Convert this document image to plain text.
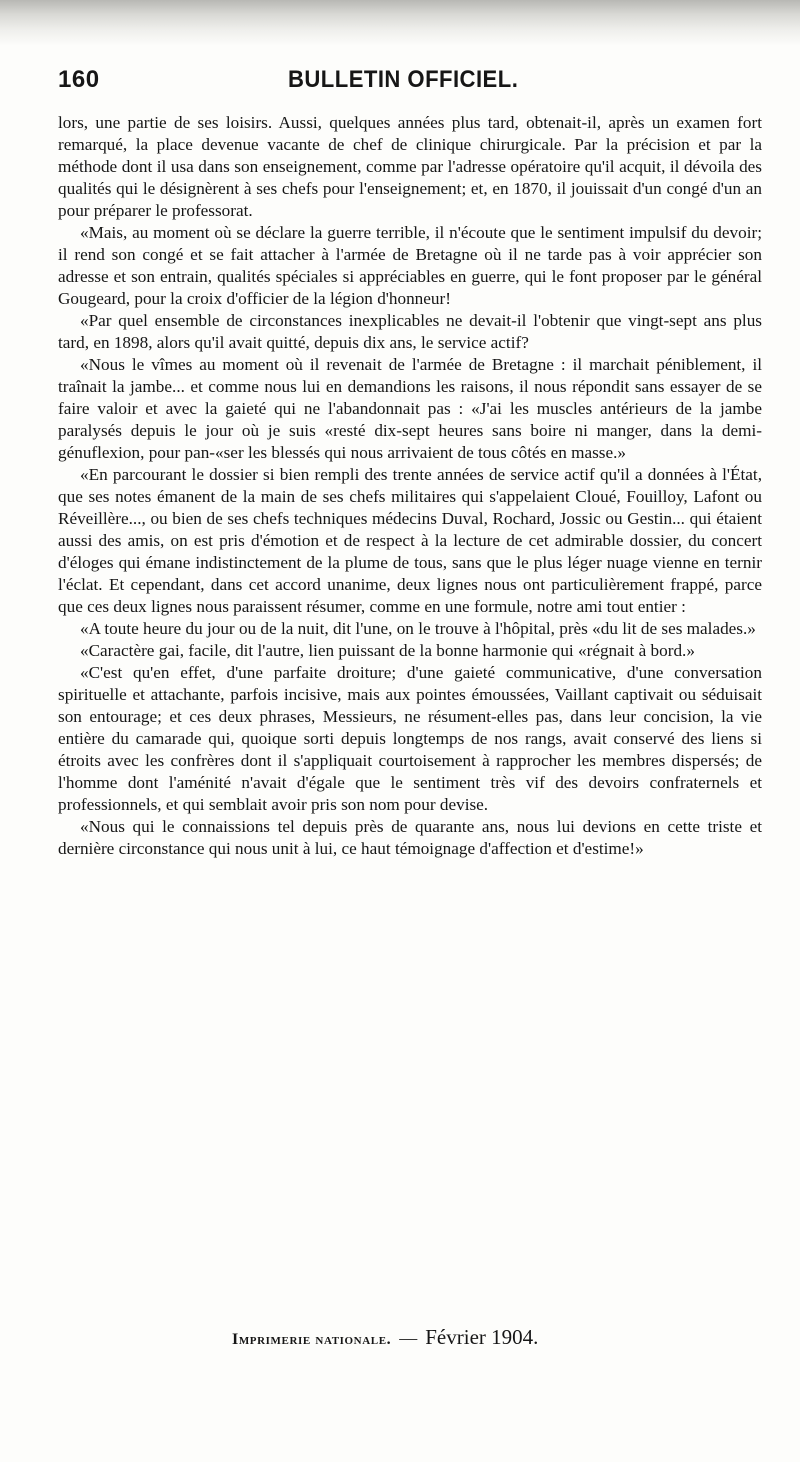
160	BULLETIN OFFICIEL.

lors, une partie de ses loisirs. Aussi, quelques années plus tard, obtenait-il, après un examen fort remarqué, la place devenue vacante de chef de clinique chirurgicale. Par la précision et par la méthode dont il usa dans son enseignement, comme par l'adresse opératoire qu'il acquit, il dévoila des qualités qui le désignèrent à ses chefs pour l'enseignement; et, en 1870, il jouissait d'un congé d'un an pour préparer le professorat.

«Mais, au moment où se déclare la guerre terrible, il n'écoute que le sentiment impulsif du devoir; il rend son congé et se fait attacher à l'armée de Bretagne où il ne tarde pas à voir apprécier son adresse et son entrain, qualités spéciales si appréciables en guerre, qui le font proposer par le général Gougeard, pour la croix d'officier de la légion d'honneur!

«Par quel ensemble de circonstances inexplicables ne devait-il l'obtenir que vingt-sept ans plus tard, en 1898, alors qu'il avait quitté, depuis dix ans, le service actif?

«Nous le vîmes au moment où il revenait de l'armée de Bretagne : il marchait péniblement, il traînait la jambe... et comme nous lui en demandions les raisons, il nous répondit sans essayer de se faire valoir et avec la gaieté qui ne l'abandonnait pas : «J'ai les muscles antérieurs de la jambe paralysés depuis le jour où je suis «resté dix-sept heures sans boire ni manger, dans la demi-génuflexion, pour pan-«ser les blessés qui nous arrivaient de tous côtés en masse.»

«En parcourant le dossier si bien rempli des trente années de service actif qu'il a données à l'État, que ses notes émanent de la main de ses chefs militaires qui s'appelaient Cloué, Fouilloy, Lafont ou Réveillère..., ou bien de ses chefs techniques médecins Duval, Rochard, Jossic ou Gestin... qui étaient aussi des amis, on est pris d'émotion et de respect à la lecture de cet admirable dossier, du concert d'éloges qui émane indistinctement de la plume de tous, sans que le plus léger nuage vienne en ternir l'éclat. Et cependant, dans cet accord unanime, deux lignes nous ont particulièrement frappé, parce que ces deux lignes nous paraissent résumer, comme en une formule, notre ami tout entier :

«A toute heure du jour ou de la nuit, dit l'une, on le trouve à l'hôpital, près «du lit de ses malades.»

«Caractère gai, facile, dit l'autre, lien puissant de la bonne harmonie qui «régnait à bord.»

«C'est qu'en effet, d'une parfaite droiture; d'une gaieté communicative, d'une conversation spirituelle et attachante, parfois incisive, mais aux pointes émoussées, Vaillant captivait ou séduisait son entourage; et ces deux phrases, Messieurs, ne résument-elles pas, dans leur concision, la vie entière du camarade qui, quoique sorti depuis longtemps de nos rangs, avait conservé des liens si étroits avec les confrères dont il s'appliquait courtoisement à rapprocher les membres dispersés; de l'homme dont l'aménité n'avait d'égale que le sentiment très vif des devoirs confraternels et professionnels, et qui semblait avoir pris son nom pour devise.

«Nous qui le connaissions tel depuis près de quarante ans, nous lui devions en cette triste et dernière circonstance qui nous unit à lui, ce haut témoignage d'affection et d'estime!»

Imprimerie nationale. — Février 1904.
